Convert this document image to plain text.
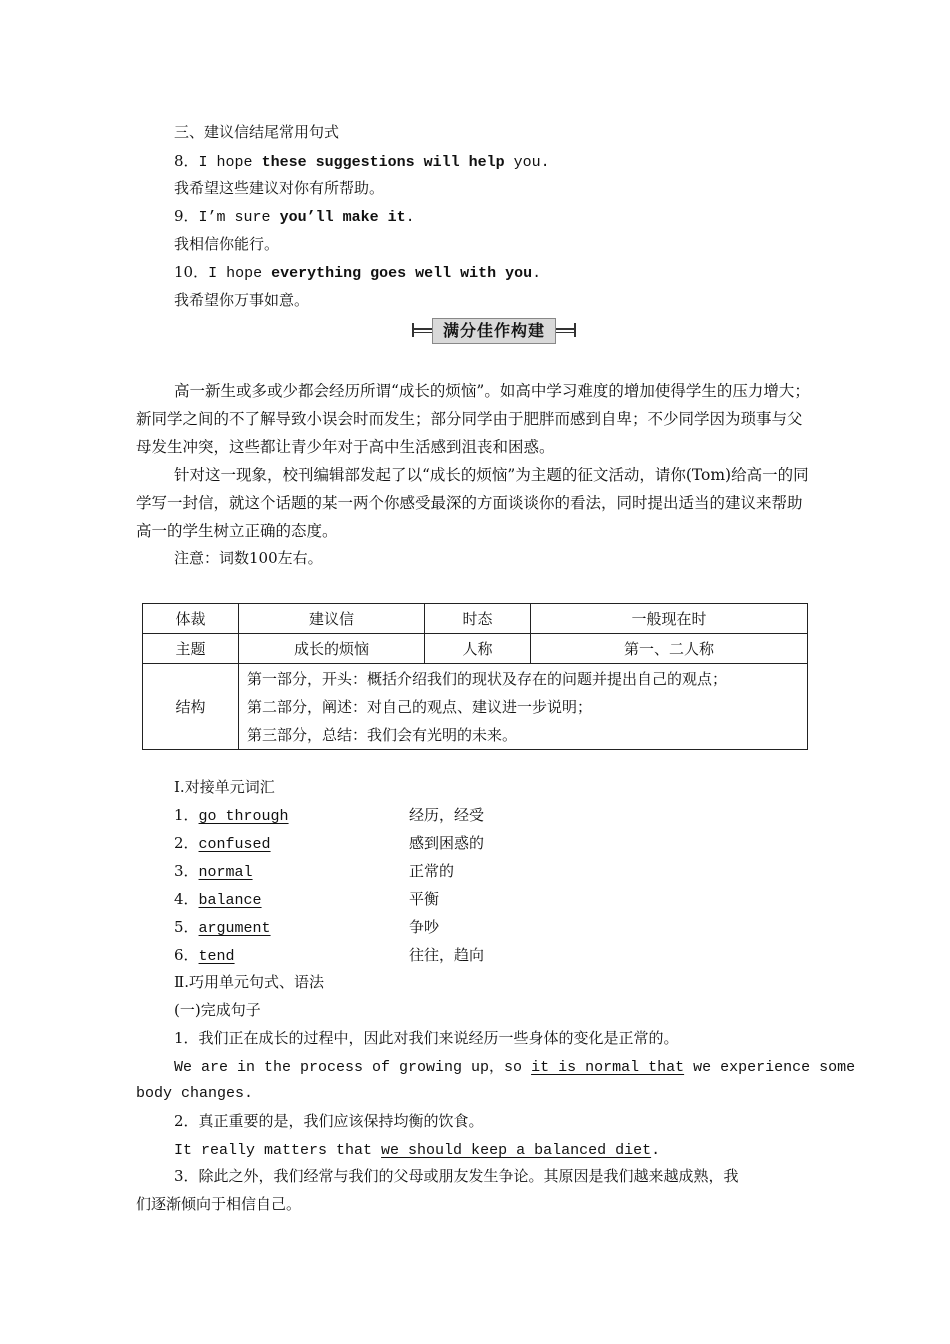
三、建议信结尾常用句式
8．I hope these suggestions will help you.
我希望这些建议对你有所帮助。
9．I’m sure you’ll make it.
我相信你能行。
10．I hope everything goes well with you.
我希望你万事如意。
满分佳作构建
高一新生或多或少都会经历所谓“成长的烦恼”。如高中学习难度的增加使得学生的压力增大；新同学之间的不了解导致小误会时而发生；部分同学由于肥胖而感到自卑；不少同学因为琐事与父母发生冲突，这些都让青少年对于高中生活感到沮丧和困惑。
针对这一现象，校刊编辑部发起了以“成长的烦恼”为主题的征文活动，请你(Tom)给高一的同学写一封信，就这个话题的某一两个你感受最深的方面谈谈你的看法，同时提出适当的建议来帮助高一的学生树立正确的态度。
注意：词数100左右。
体裁	建议信	时态	一般现在时
主题	成长的烦恼	人称	第一、二人称
结构	第一部分，开头：概括介绍我们的现状及存在的问题并提出自己的观点；
第二部分，阐述：对自己的观点、建议进一步说明；
第三部分，总结：我们会有光明的未来。		
Ⅰ.对接单元词汇
1．go through	经历，经受
2．confused	感到困惑的
3．normal	正常的
4．balance	平衡
5．argument	争吵
6．tend	往往，趋向
Ⅱ.巧用单元句式、语法
(一)完成句子
1．我们正在成长的过程中，因此对我们来说经历一些身体的变化是正常的。
We are in the process of growing up，so it is normal that we experience some
body changes.
2．真正重要的是，我们应该保持均衡的饮食。
It really matters that we should keep a balanced diet.
3．除此之外，我们经常与我们的父母或朋友发生争论。其原因是我们越来越成熟，我
们逐渐倾向于相信自己。
